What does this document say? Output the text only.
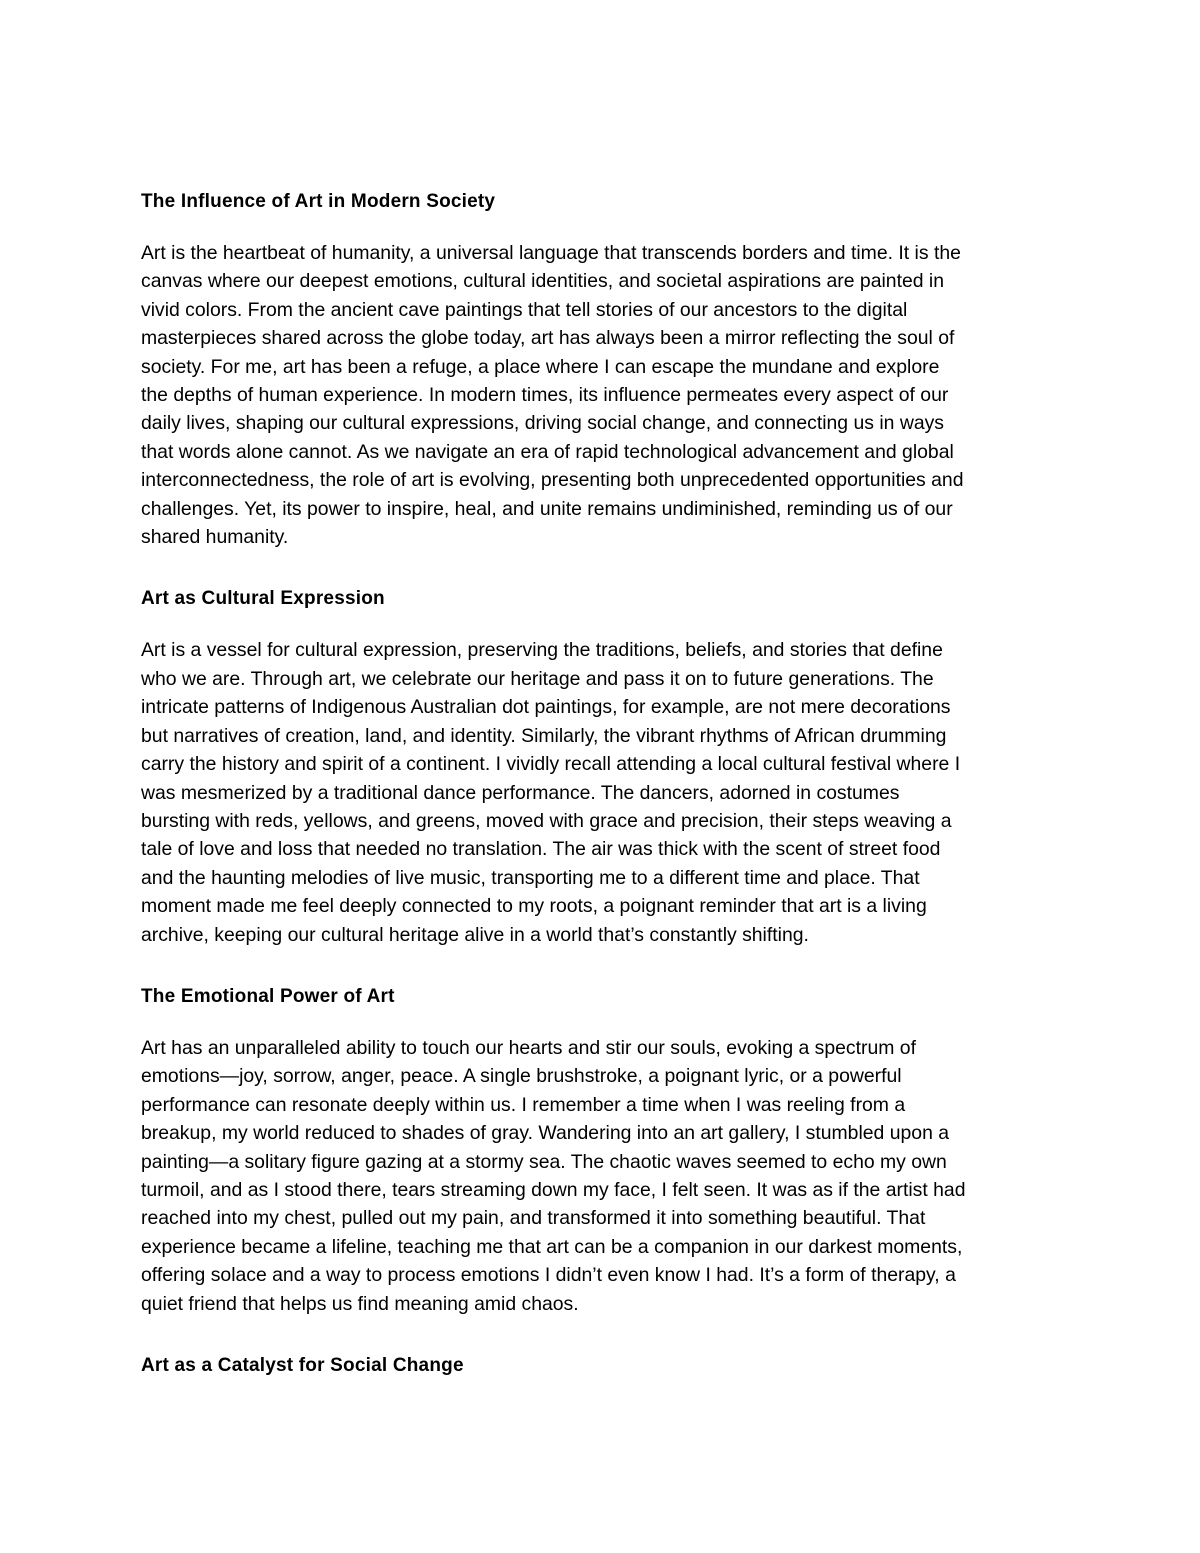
The Influence of Art in Modern Society

Art is the heartbeat of humanity, a universal language that transcends borders and time. It is the
canvas where our deepest emotions, cultural identities, and societal aspirations are painted in
vivid colors. From the ancient cave paintings that tell stories of our ancestors to the digital
masterpieces shared across the globe today, art has always been a mirror reflecting the soul of
society. For me, art has been a refuge, a place where I can escape the mundane and explore
the depths of human experience. In modern times, its influence permeates every aspect of our
daily lives, shaping our cultural expressions, driving social change, and connecting us in ways
that words alone cannot. As we navigate an era of rapid technological advancement and global
interconnectedness, the role of art is evolving, presenting both unprecedented opportunities and
challenges. Yet, its power to inspire, heal, and unite remains undiminished, reminding us of our
shared humanity.

Art as Cultural Expression

Art is a vessel for cultural expression, preserving the traditions, beliefs, and stories that define
who we are. Through art, we celebrate our heritage and pass it on to future generations. The
intricate patterns of Indigenous Australian dot paintings, for example, are not mere decorations
but narratives of creation, land, and identity. Similarly, the vibrant rhythms of African drumming
carry the history and spirit of a continent. I vividly recall attending a local cultural festival where I
was mesmerized by a traditional dance performance. The dancers, adorned in costumes
bursting with reds, yellows, and greens, moved with grace and precision, their steps weaving a
tale of love and loss that needed no translation. The air was thick with the scent of street food
and the haunting melodies of live music, transporting me to a different time and place. That
moment made me feel deeply connected to my roots, a poignant reminder that art is a living
archive, keeping our cultural heritage alive in a world that’s constantly shifting.

The Emotional Power of Art

Art has an unparalleled ability to touch our hearts and stir our souls, evoking a spectrum of
emotions—joy, sorrow, anger, peace. A single brushstroke, a poignant lyric, or a powerful
performance can resonate deeply within us. I remember a time when I was reeling from a
breakup, my world reduced to shades of gray. Wandering into an art gallery, I stumbled upon a
painting—a solitary figure gazing at a stormy sea. The chaotic waves seemed to echo my own
turmoil, and as I stood there, tears streaming down my face, I felt seen. It was as if the artist had
reached into my chest, pulled out my pain, and transformed it into something beautiful. That
experience became a lifeline, teaching me that art can be a companion in our darkest moments,
offering solace and a way to process emotions I didn’t even know I had. It’s a form of therapy, a
quiet friend that helps us find meaning amid chaos.

Art as a Catalyst for Social Change
